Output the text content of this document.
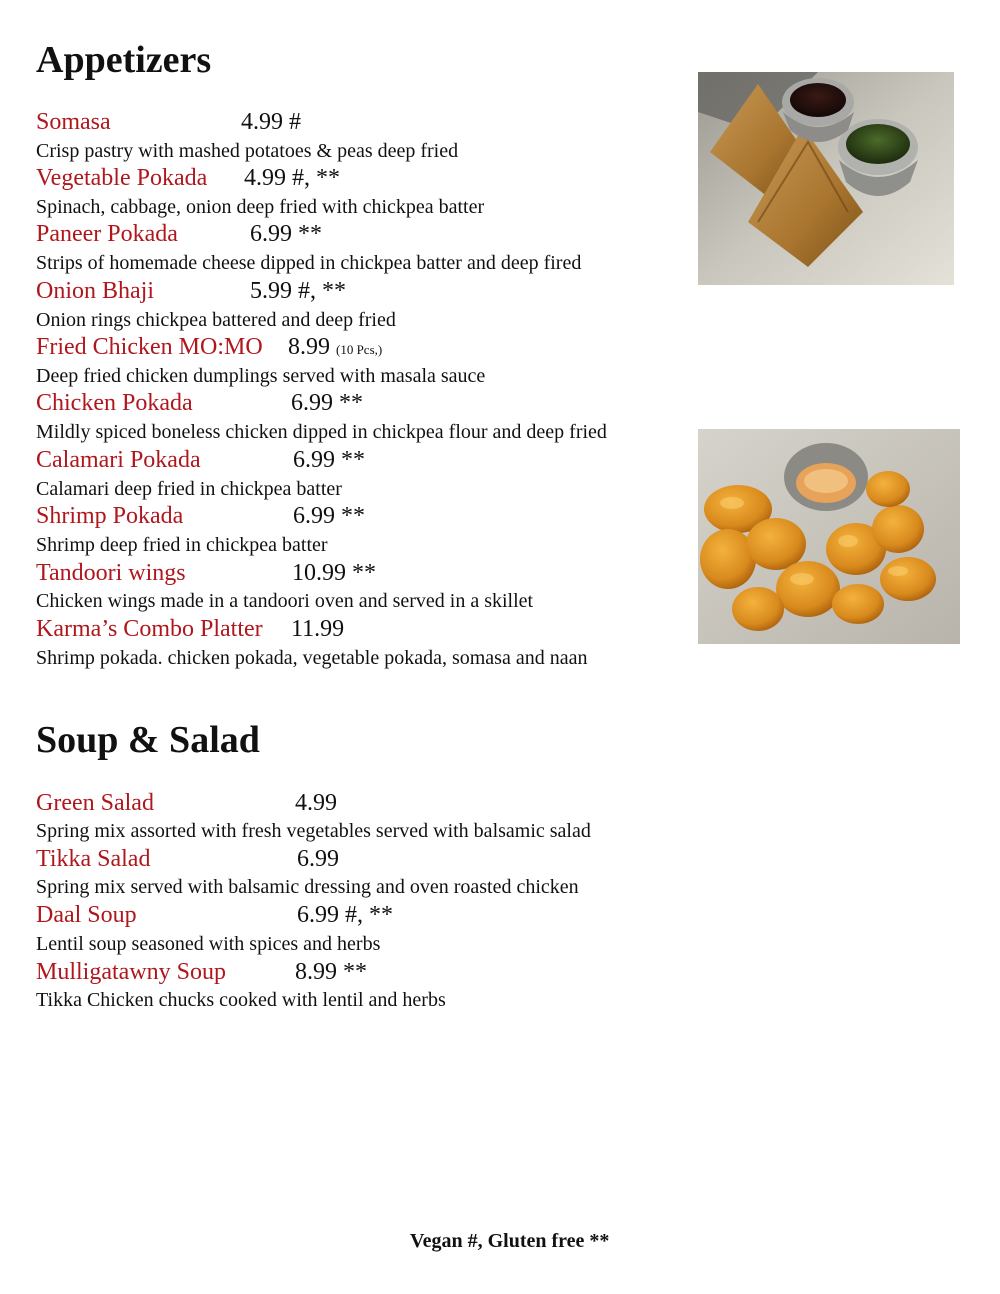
Appetizers
Somasa	4.99 #
Crisp pastry with mashed potatoes & peas deep fried
Vegetable Pokada 4.99 #, **
Spinach, cabbage, onion deep fried with chickpea batter
Paneer Pokada	6.99 **
Strips of homemade cheese dipped in chickpea batter and deep fired
Onion Bhaji	5.99 #, **
Onion rings chickpea battered and deep fried
Fried Chicken MO:MO 8.99 (10 Pcs,)
Deep fried chicken dumplings served with masala sauce
Chicken Pokada	6.99 **
Mildly spiced boneless chicken dipped in chickpea flour and deep fried
Calamari Pokada	6.99 **
Calamari deep fried in chickpea batter
Shrimp Pokada	6.99 **
Shrimp deep fried in chickpea batter
Tandoori wings	10.99 **
Chicken wings made in a tandoori oven and served in a skillet
Karma’s Combo Platter 11.99
Shrimp pokada. chicken pokada, vegetable pokada, somasa and naan
Soup & Salad
Green Salad	4.99
Spring mix assorted with fresh vegetables served with balsamic salad
Tikka Salad	6.99
Spring mix served with balsamic dressing and oven roasted chicken
Daal Soup	6.99 #, **
Lentil soup seasoned with spices and herbs
Mulligatawny Soup	8.99 **
Tikka Chicken chucks cooked with lentil and herbs
Vegan #, Gluten free **
